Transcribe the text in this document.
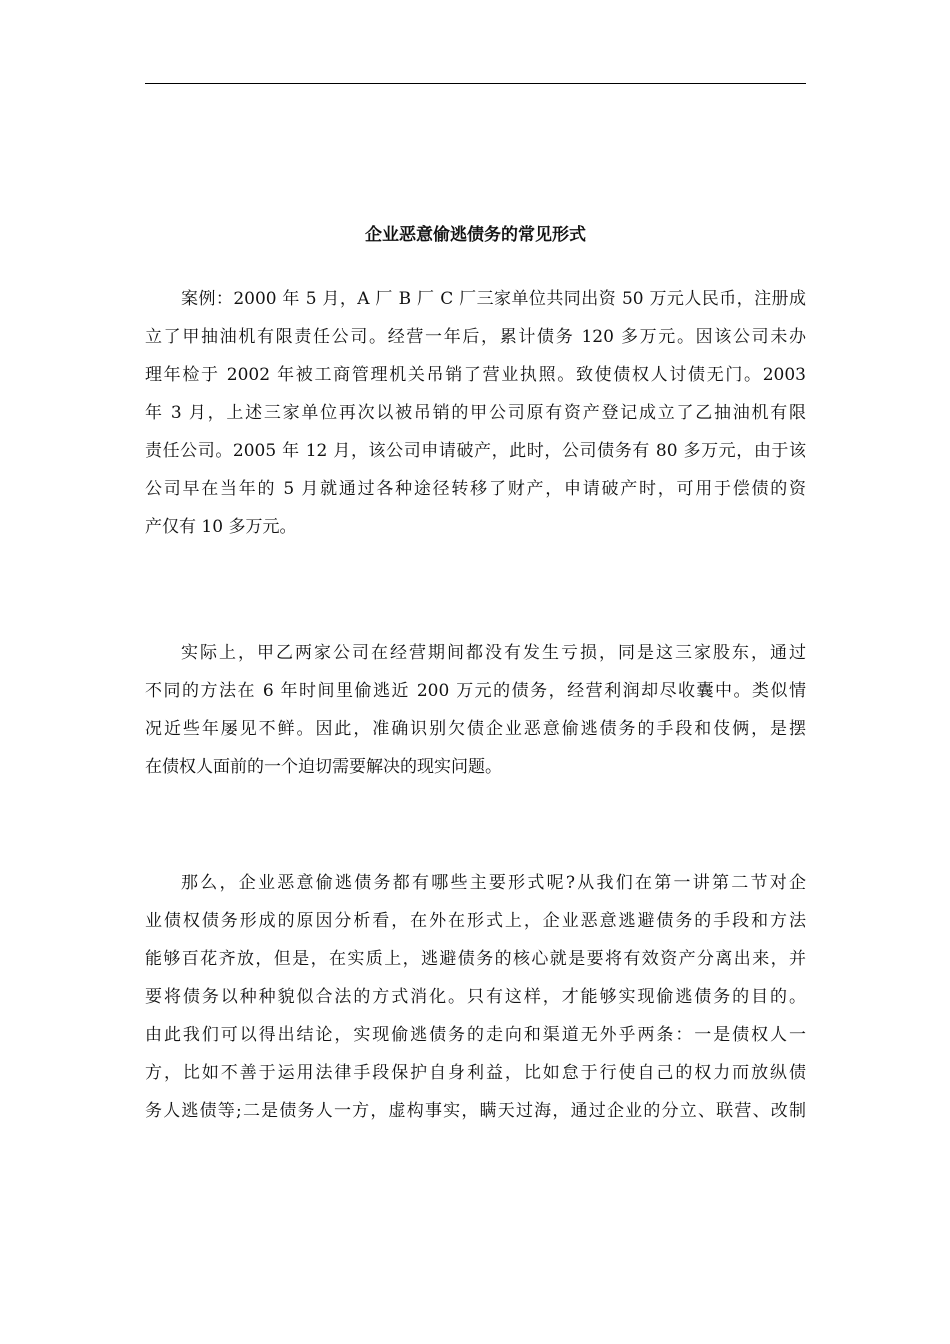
企业恶意偷逃债务的常见形式
案例：2000 年 5 月，A 厂 B 厂 C 厂三家单位共同出资 50 万元人民币，注册成
立了甲抽油机有限责任公司。经营一年后，累计债务 120 多万元。因该公司未办
理年检于 2002 年被工商管理机关吊销了营业执照。致使债权人讨债无门。2003
年 3 月，上述三家单位再次以被吊销的甲公司原有资产登记成立了乙抽油机有限
责任公司。2005 年 12 月，该公司申请破产，此时，公司债务有 80 多万元，由于该
公司早在当年的 5 月就通过各种途径转移了财产，申请破产时，可用于偿债的资
产仅有 10 多万元。
实际上，甲乙两家公司在经营期间都没有发生亏损，同是这三家股东，通过
不同的方法在 6 年时间里偷逃近 200 万元的债务，经营利润却尽收囊中。类似情
况近些年屡见不鲜。因此，准确识别欠债企业恶意偷逃债务的手段和伎俩，是摆
在债权人面前的一个迫切需要解决的现实问题。
那么，企业恶意偷逃债务都有哪些主要形式呢?从我们在第一讲第二节对企
业债权债务形成的原因分析看，在外在形式上，企业恶意逃避债务的手段和方法
能够百花齐放，但是，在实质上，逃避债务的核心就是要将有效资产分离出来，并
要将债务以种种貌似合法的方式消化。只有这样，才能够实现偷逃债务的目的。
由此我们可以得出结论，实现偷逃债务的走向和渠道无外乎两条：一是债权人一
方，比如不善于运用法律手段保护自身利益，比如怠于行使自己的权力而放纵债
务人逃债等;二是债务人一方，虚构事实，瞒天过海，通过企业的分立、联营、改制
